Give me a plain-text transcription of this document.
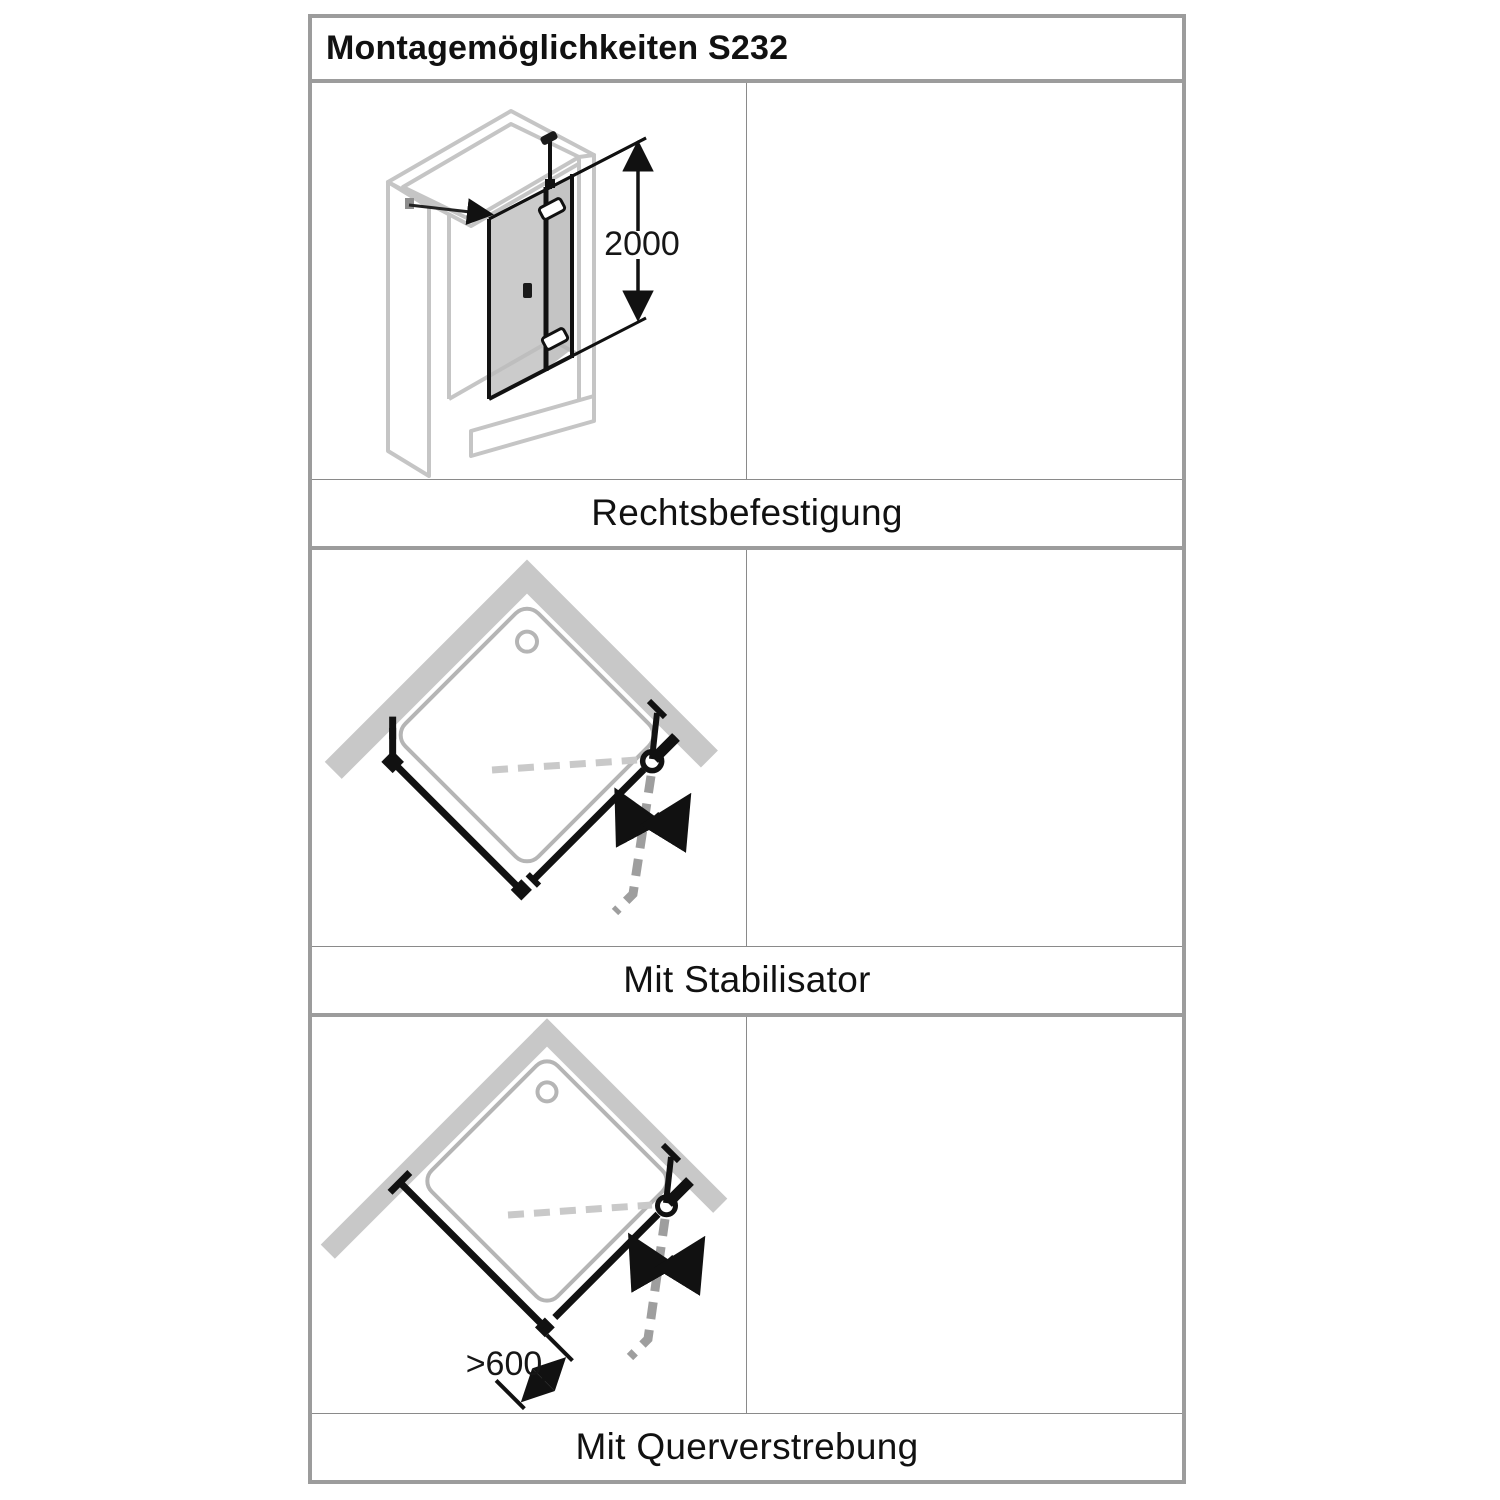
Montagemöglichkeiten S232
2000
Rechtsbefestigung
Mit Stabilisator
>600
Mit Querverstrebung
